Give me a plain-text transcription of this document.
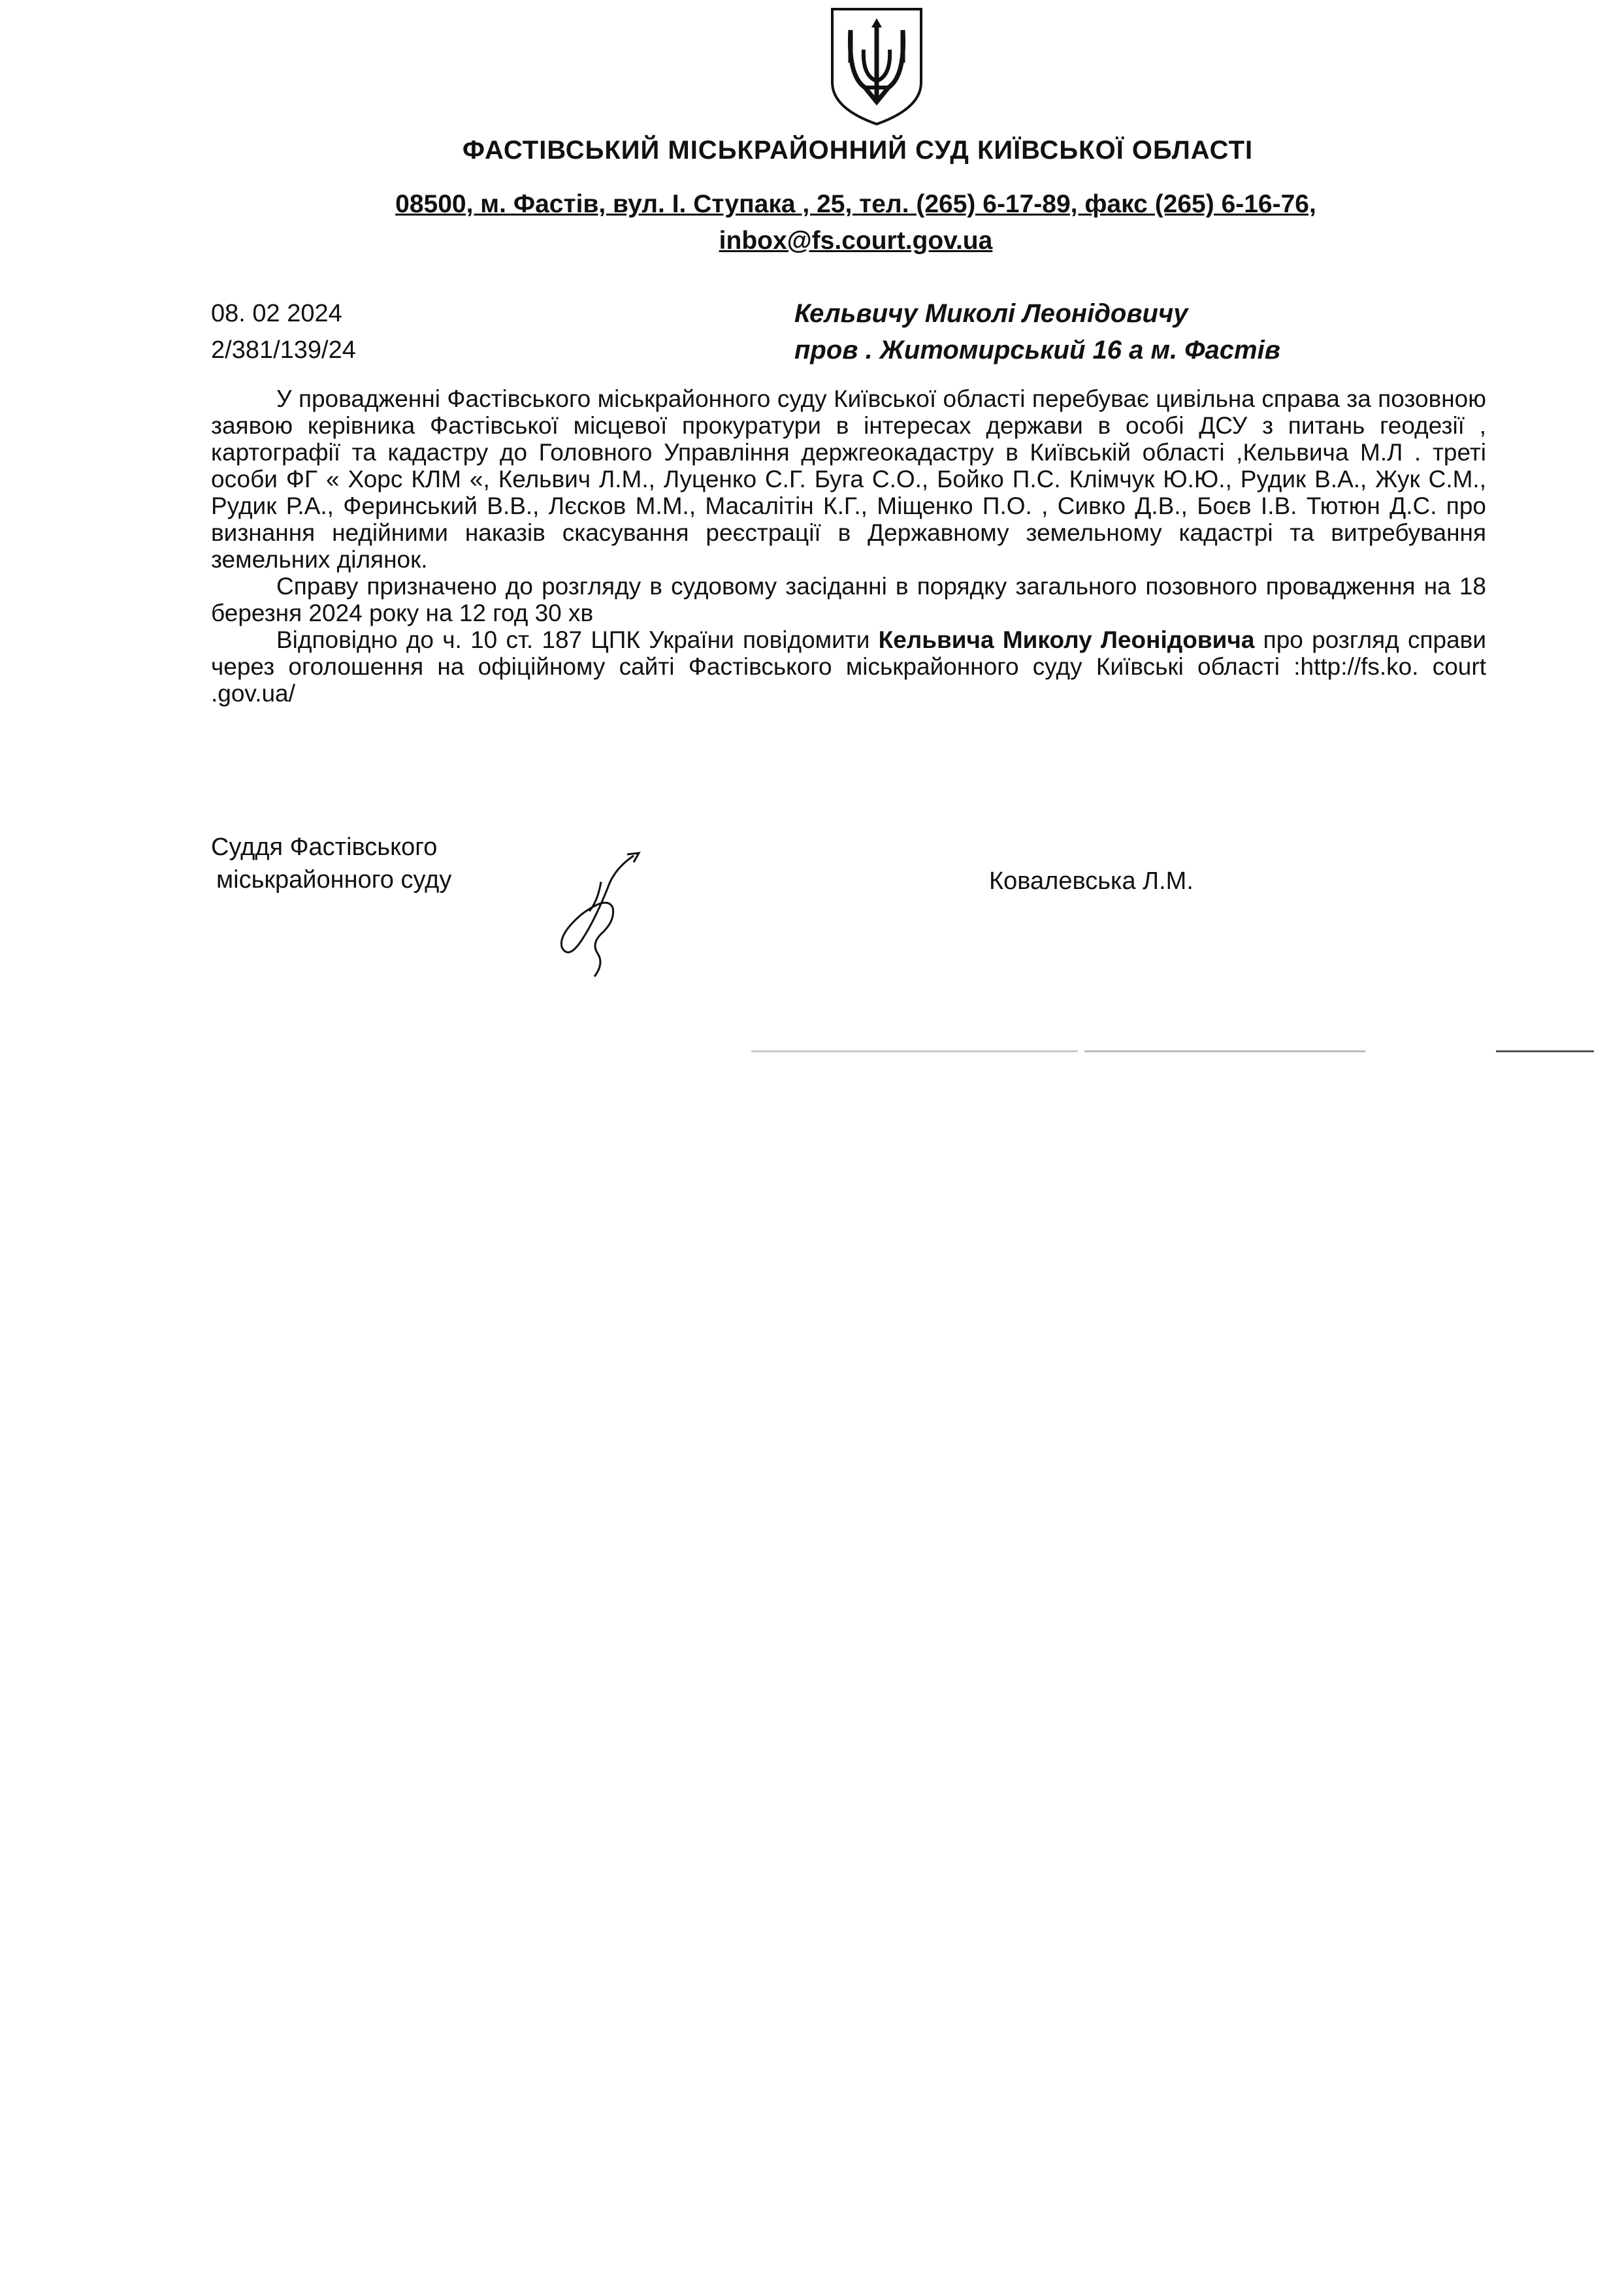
ФАСТІВСЬКИЙ МІСЬКРАЙОННИЙ СУД КИЇВСЬКОЇ ОБЛАСТІ
08500, м. Фастів, вул. І. Ступака , 25, тел. (265) 6-17-89, факс (265) 6-16-76,
inbox@fs.court.gov.ua
08. 02 2024
2/381/139/24
Кельвичу Миколі Леонідовичу
пров . Житомирський 16 а м. Фастів

У провадженні Фастівського міськрайонного суду Київської області перебуває цивільна справа за позовною заявою керівника Фастівської місцевої прокуратури в інтересах держави в особі ДСУ з питань геодезії , картографії та кадастру до Головного Управління держгеокадастру в Київській області ,Кельвича М.Л . треті особи ФГ « Хорс КЛМ «, Кельвич Л.М., Луценко С.Г. Буга С.О., Бойко П.С. Клімчук Ю.Ю., Рудик В.А., Жук С.М., Рудик Р.А., Феринський В.В., Лєсков М.М., Масалітін К.Г., Міщенко П.О. , Сивко Д.В., Боєв І.В. Тютюн Д.С. про визнання недійними наказів скасування реєстрації в Державному земельному кадастрі та витребування земельних ділянок.

Справу призначено до розгляду в судовому засіданні в порядку загального позовного провадження на 18 березня 2024 року на 12 год 30 хв

Відповідно до ч. 10 ст. 187 ЦПК України повідомити Кельвича Миколу Леонідовича про розгляд справи через оголошення на офіційному сайті Фастівського міськрайонного суду Київські області :http://fs.ko. court .gov.ua/

Суддя Фастівського
міськрайонного суду	Ковалевська Л.М.
